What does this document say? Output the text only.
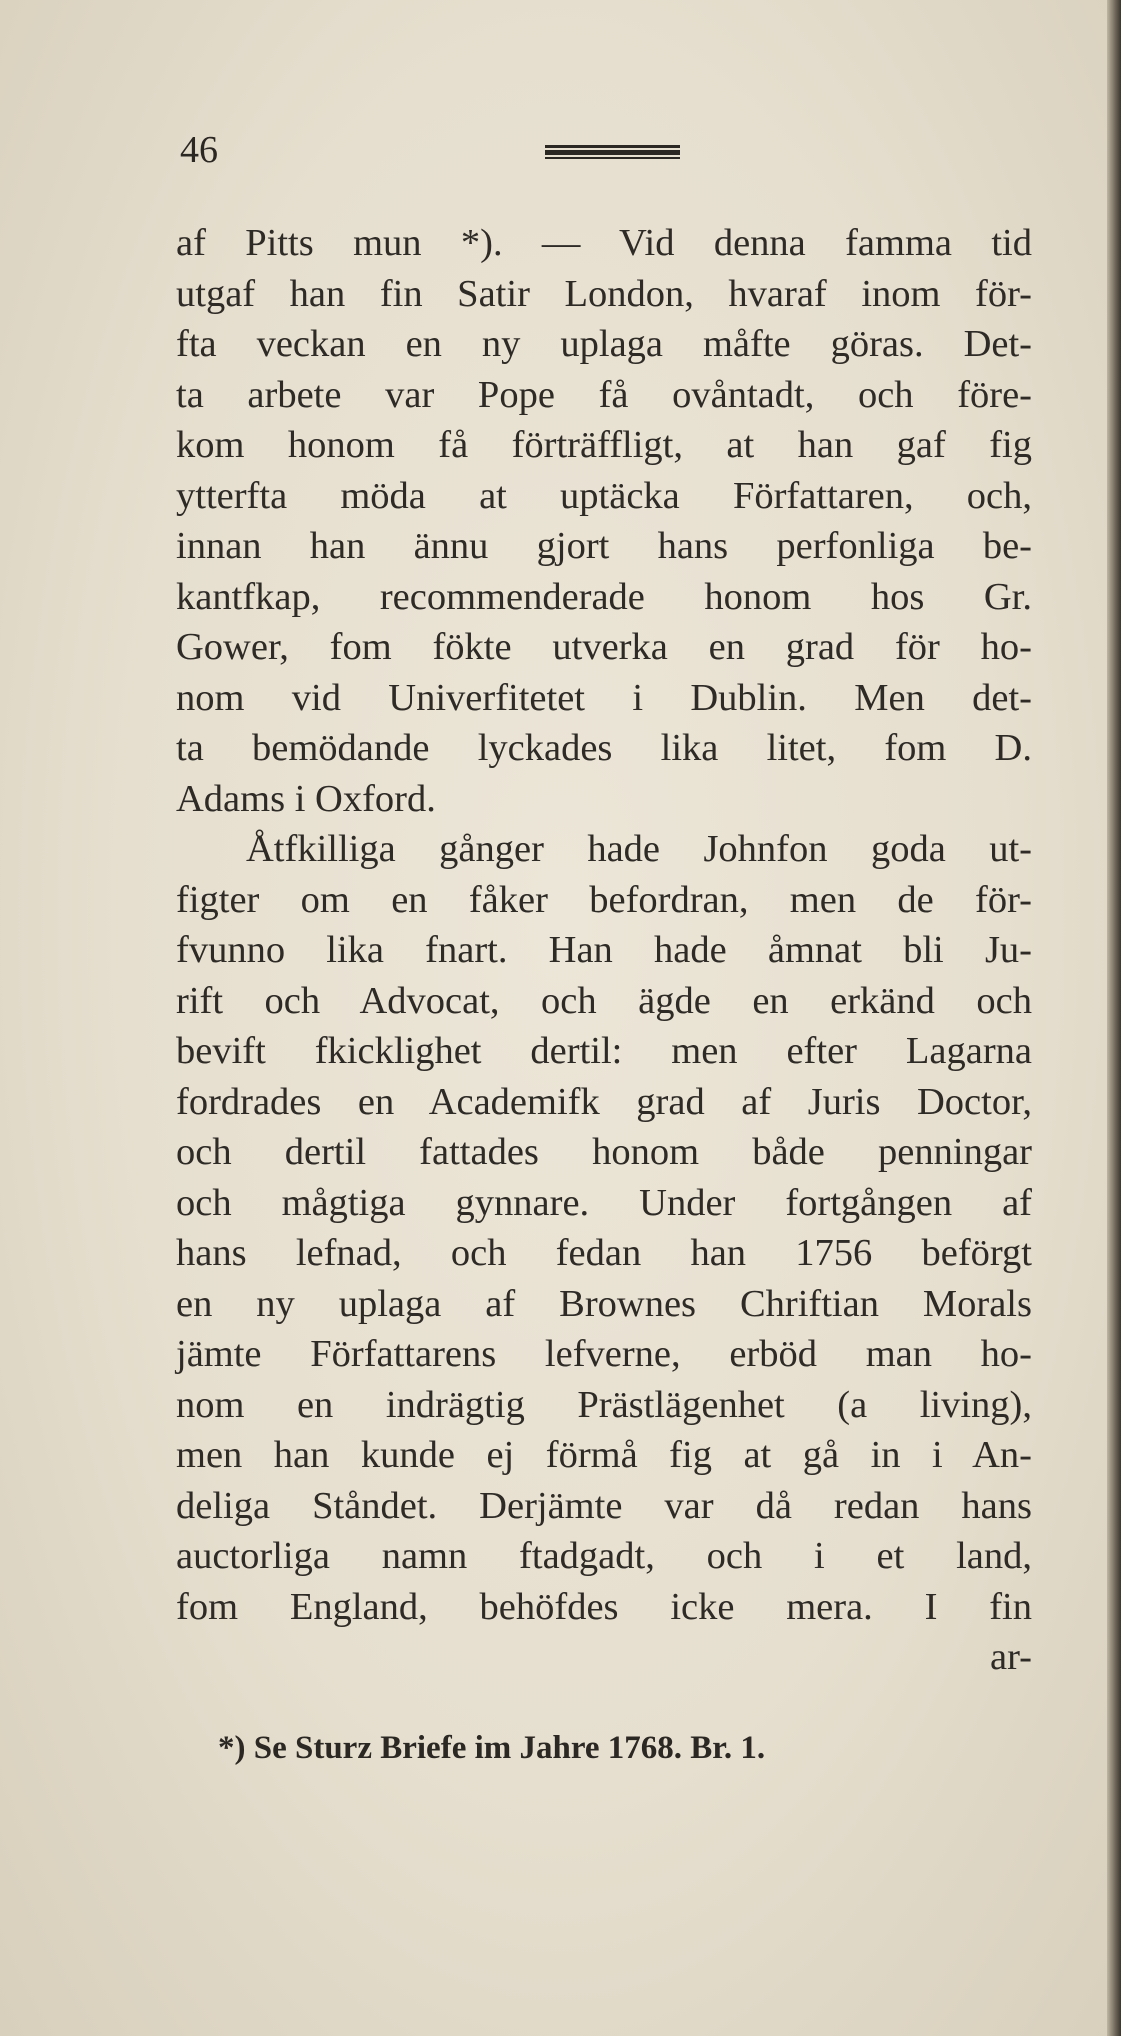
46
af Pitts mun *). — Vid denna famma tid
utgaf han fin Satir London, hvaraf inom för-
fta veckan en ny uplaga måfte göras. Det-
ta arbete var Pope få ovåntadt, och före-
kom honom få förträffligt, at han gaf fig
ytterfta möda at uptäcka Författaren, och,
innan han ännu gjort hans perfonliga be-
kantfkap, recommenderade honom hos Gr.
Gower, fom fökte utverka en grad för ho-
nom vid Univerfitetet i Dublin. Men det-
ta bemödande lyckades lika litet, fom D.
Adams i Oxford.
Åtfkilliga gånger hade Johnfon goda ut-
figter om en fåker befordran, men de för-
fvunno lika fnart. Han hade åmnat bli Ju-
rift och Advocat, och ägde en erkänd och
bevift fkicklighet dertil: men efter Lagarna
fordrades en Academifk grad af Juris Doctor,
och dertil fattades honom både penningar
och mågtiga gynnare. Under fortgången af
hans lefnad, och fedan han 1756 beförgt
en ny uplaga af Brownes Chriftian Morals
jämte Författarens lefverne, erböd man ho-
nom en indrägtig Prästlägenhet (a living),
men han kunde ej förmå fig at gå in i An-
deliga Ståndet. Derjämte var då redan hans
auctorliga namn ftadgadt, och i et land,
fom England, behöfdes icke mera. I fin
ar-
*) Se Sturz Briefe im Jahre 1768. Br. 1.
